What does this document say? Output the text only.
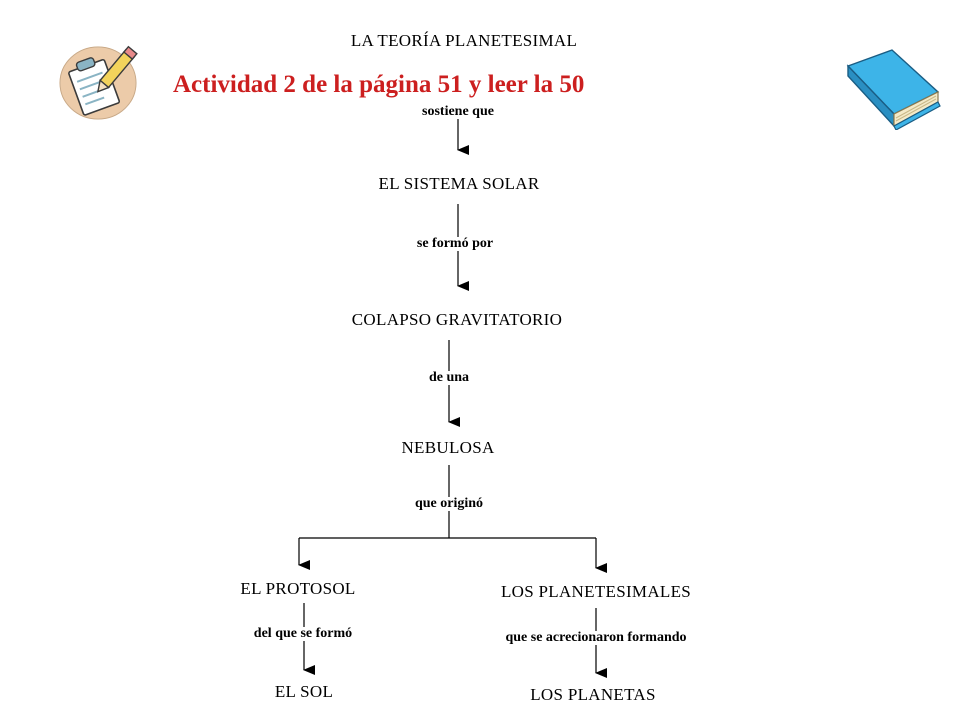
LA TEORÍA PLANETESIMAL
EL SISTEMA SOLAR
COLAPSO GRAVITATORIO
NEBULOSA
EL PROTOSOL	LOS PLANETESIMALES
EL SOL	LOS PLANETAS
sostiene que
se formó por
de una
que originó
del que se formó	que se acrecionaron formando
Actividad 2 de la página 51 y leer la 50
